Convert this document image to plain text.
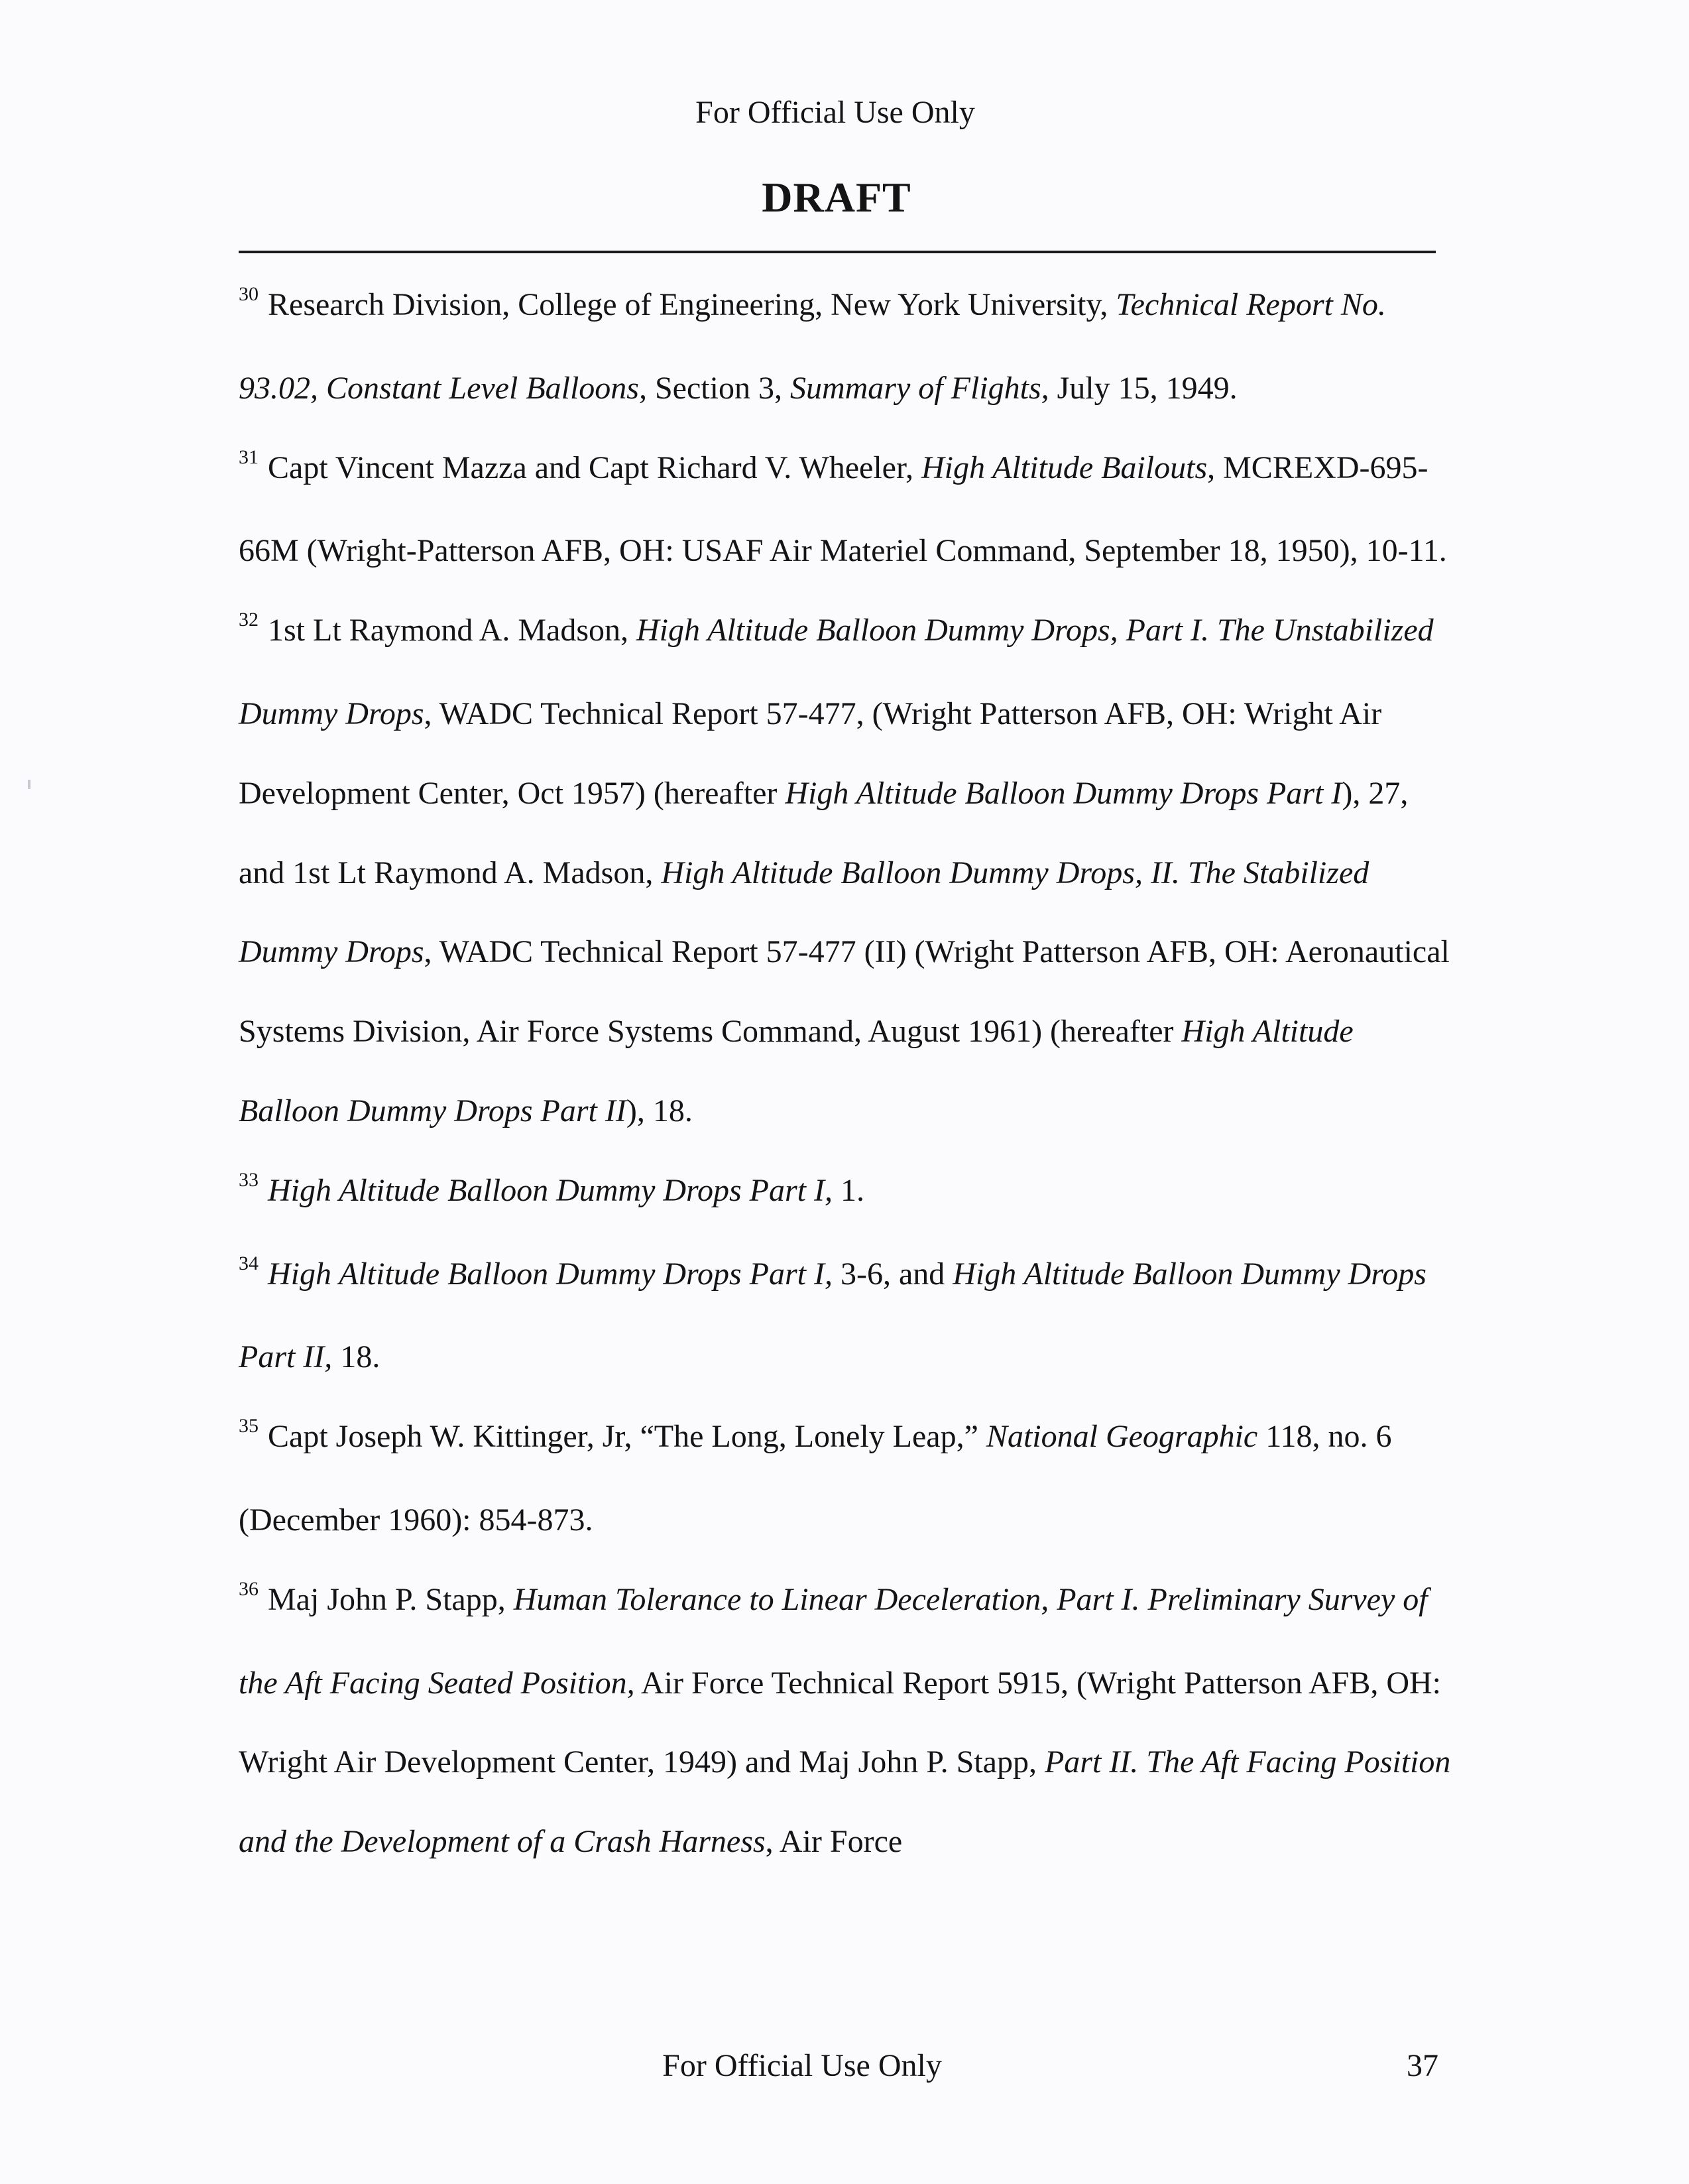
For Official Use Only
DRAFT

$^{30}$ Research Division, College of Engineering, New York University, Technical Report No. 93.02, Constant Level Balloons, Section 3, Summary of Flights, July 15, 1949.

$^{31}$ Capt Vincent Mazza and Capt Richard V. Wheeler, High Altitude Bailouts, MCREXD-695-66M (Wright-Patterson AFB, OH: USAF Air Materiel Command, September 18, 1950), 10-11.

$^{32}$ 1st Lt Raymond A. Madson, High Altitude Balloon Dummy Drops, Part I. The Unstabilized Dummy Drops, WADC Technical Report 57-477, (Wright Patterson AFB, OH: Wright Air Development Center, Oct 1957) (hereafter High Altitude Balloon Dummy Drops Part I), 27, and 1st Lt Raymond A. Madson, High Altitude Balloon Dummy Drops, II. The Stabilized Dummy Drops, WADC Technical Report 57-477 (II) (Wright Patterson AFB, OH: Aeronautical Systems Division, Air Force Systems Command, August 1961) (hereafter High Altitude Balloon Dummy Drops Part II), 18.

$^{33}$ High Altitude Balloon Dummy Drops Part I, 1.

$^{34}$ High Altitude Balloon Dummy Drops Part I, 3-6, and High Altitude Balloon Dummy Drops Part II, 18.

$^{35}$ Capt Joseph W. Kittinger, Jr, “The Long, Lonely Leap,” National Geographic 118, no. 6 (December 1960): 854-873.

$^{36}$ Maj John P. Stapp, Human Tolerance to Linear Deceleration, Part I. Preliminary Survey of the Aft Facing Seated Position, Air Force Technical Report 5915, (Wright Patterson AFB, OH: Wright Air Development Center, 1949) and Maj John P. Stapp, Part II. The Aft Facing Position and the Development of a Crash Harness, Air Force

For Official Use Only	37
